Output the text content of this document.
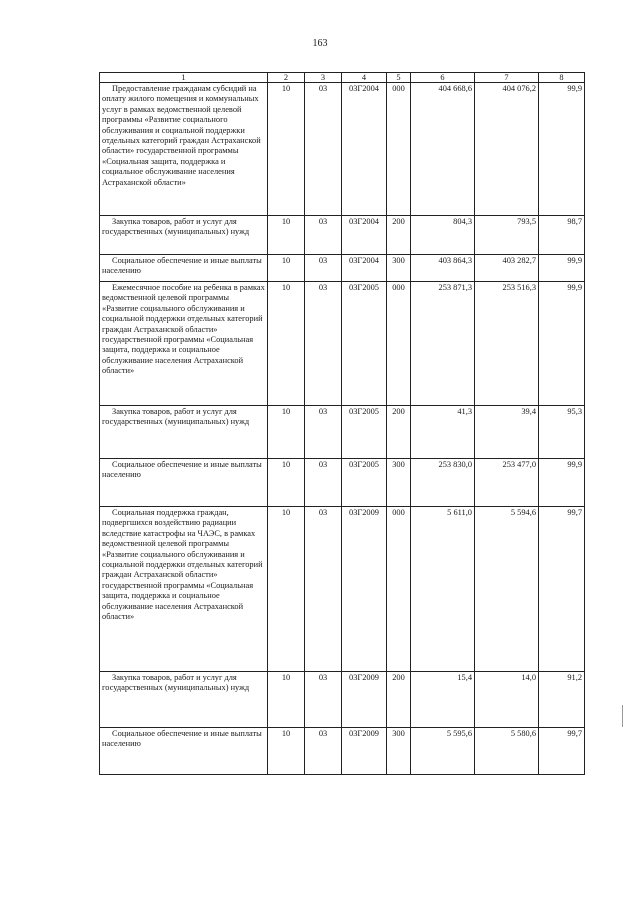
163
1	2	3	4	5	6	7	8

Предоставление гражданам субсидий на оплату жилого помещения и коммунальных услуг в рамках ведомственной целевой программы «Развитие социального обслуживания и социальной поддержки отдельных категорий граждан Астраханской области» государственной программы «Социальная защита, поддержка и социальное обслуживание населения Астраханской области»	10	03	03Г2004	000	404 668,6	404 076,2	99,9

Закупка товаров, работ и услуг для государственных (муниципальных) нужд	10	03	03Г2004	200	804,3	793,5	98,7

Социальное обеспечение и иные выплаты населению	10	03	03Г2004	300	403 864,3	403 282,7	99,9

Ежемесячное пособие на ребенка в рамках ведомственной целевой программы «Развитие социального обслуживания и социальной поддержки отдельных категорий граждан Астраханской области» государственной программы «Социальная защита, поддержка и социальное обслуживание населения Астраханской области»	10	03	03Г2005	000	253 871,3	253 516,3	99,9

Закупка товаров, работ и услуг для государственных (муниципальных) нужд	10	03	03Г2005	200	41,3	39,4	95,3

Социальное обеспечение и иные выплаты населению	10	03	03Г2005	300	253 830,0	253 477,0	99,9

Социальная поддержка граждан, подвергшихся воздействию радиации вследствие катастрофы на ЧАЭС, в рамках ведомственной целевой программы «Развитие социального обслуживания и социальной поддержки отдельных категорий граждан Астраханской области» государственной программы «Социальная защита, поддержка и социальное обслуживание населения Астраханской области»	10	03	03Г2009	000	5 611,0	5 594,6	99,7

Закупка товаров, работ и услуг для государственных (муниципальных) нужд	10	03	03Г2009	200	15,4	14,0	91,2

Социальное обеспечение и иные выплаты населению	10	03	03Г2009	300	5 595,6	5 580,6	99,7
